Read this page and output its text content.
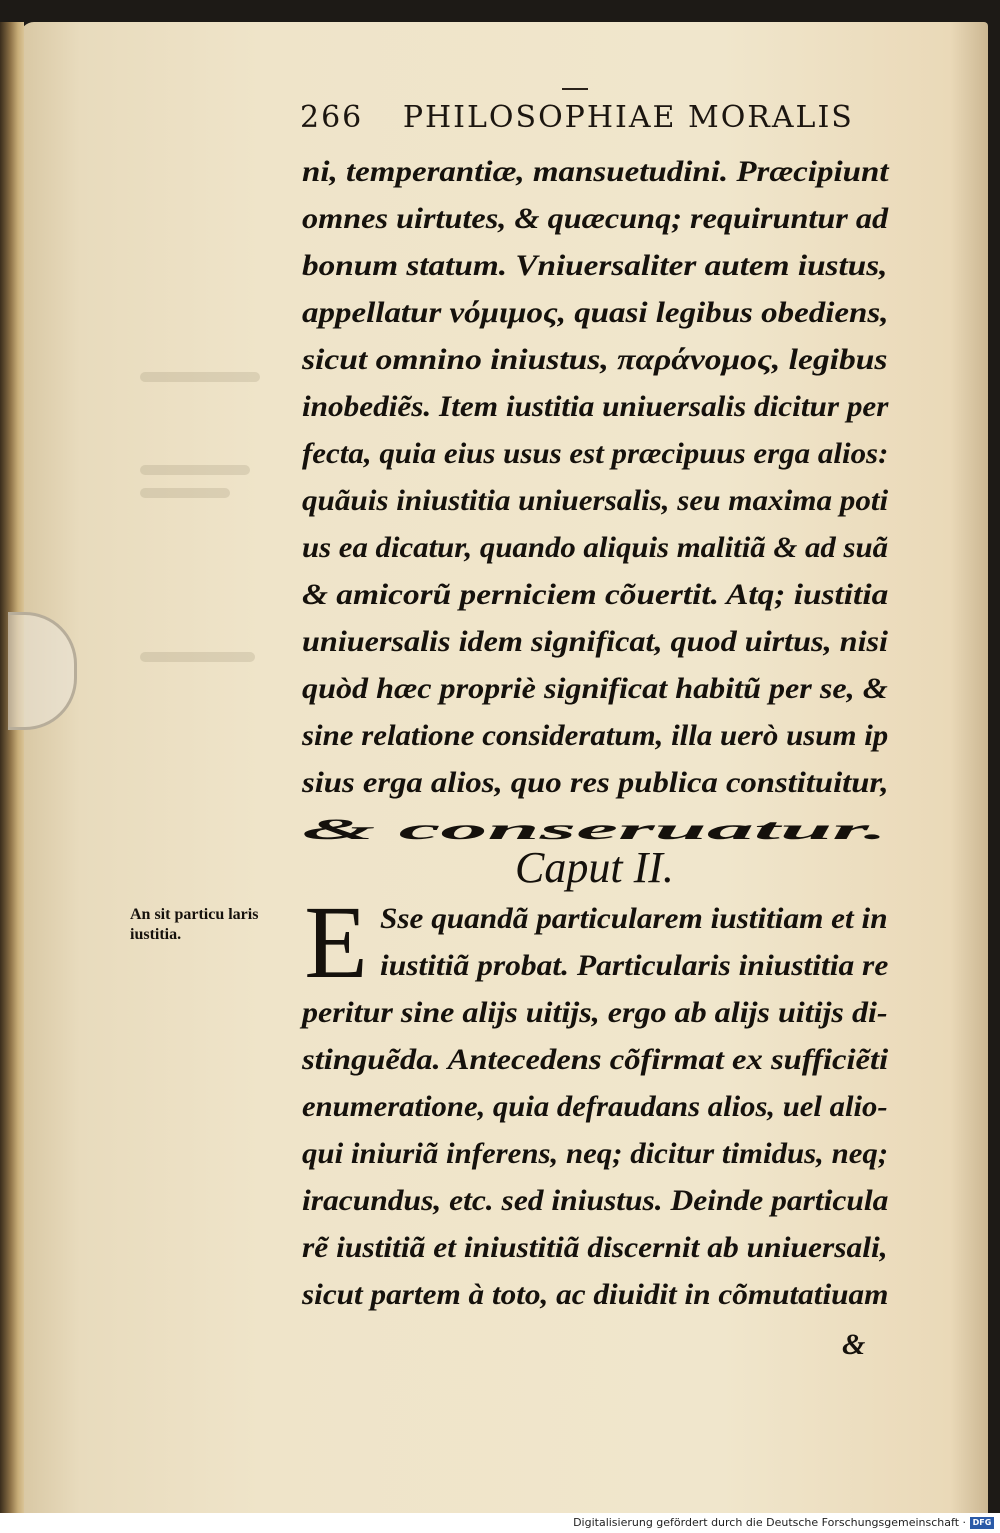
266 PHILOSOPHIAE MORALIS
ni, temperantiæ, mansuetudini. Præcipiunt
omnes uirtutes, & quæcunq; requiruntur ad
bonum statum. Vniuersaliter autem iustus,
appellatur νόμιμος, quasi legibus obediens,
sicut omnino iniustus, παράνομος, legibus
inobediẽs. Item iustitia uniuersalis dicitur per
fecta, quia eius usus est præcipuus erga alios:
quãuis iniustitia uniuersalis, seu maxima poti
us ea dicatur, quando aliquis malitiã & ad suã
& amicorũ perniciem cõuertit. Atq; iustitia
uniuersalis idem significat, quod uirtus, nisi
quòd hæc propriè significat habitũ per se, &
sine relatione consideratum, illa uerò usum ip
sius erga alios, quo res publica constituitur,
& conseruatur.
Caput II.
An sit particu laris iustitia.	E Sse quandã particularem iustitiam et in
iustitiã probat. Particularis iniustitia re
peritur sine alijs uitijs, ergo ab alijs uitijs di-
stinguẽda. Antecedens cõfirmat ex sufficiẽti
enumeratione, quia defraudans alios, uel alio-
qui iniuriã inferens, neq; dicitur timidus, neq;
iracundus, etc. sed iniustus. Deinde particula
rẽ iustitiã et iniustitiã discernit ab uniuersali,
sicut partem à toto, ac diuidit in cõmutatiuam
&
Digitalisierung gefördert durch die Deutsche Forschungsgemeinschaft · DFG
